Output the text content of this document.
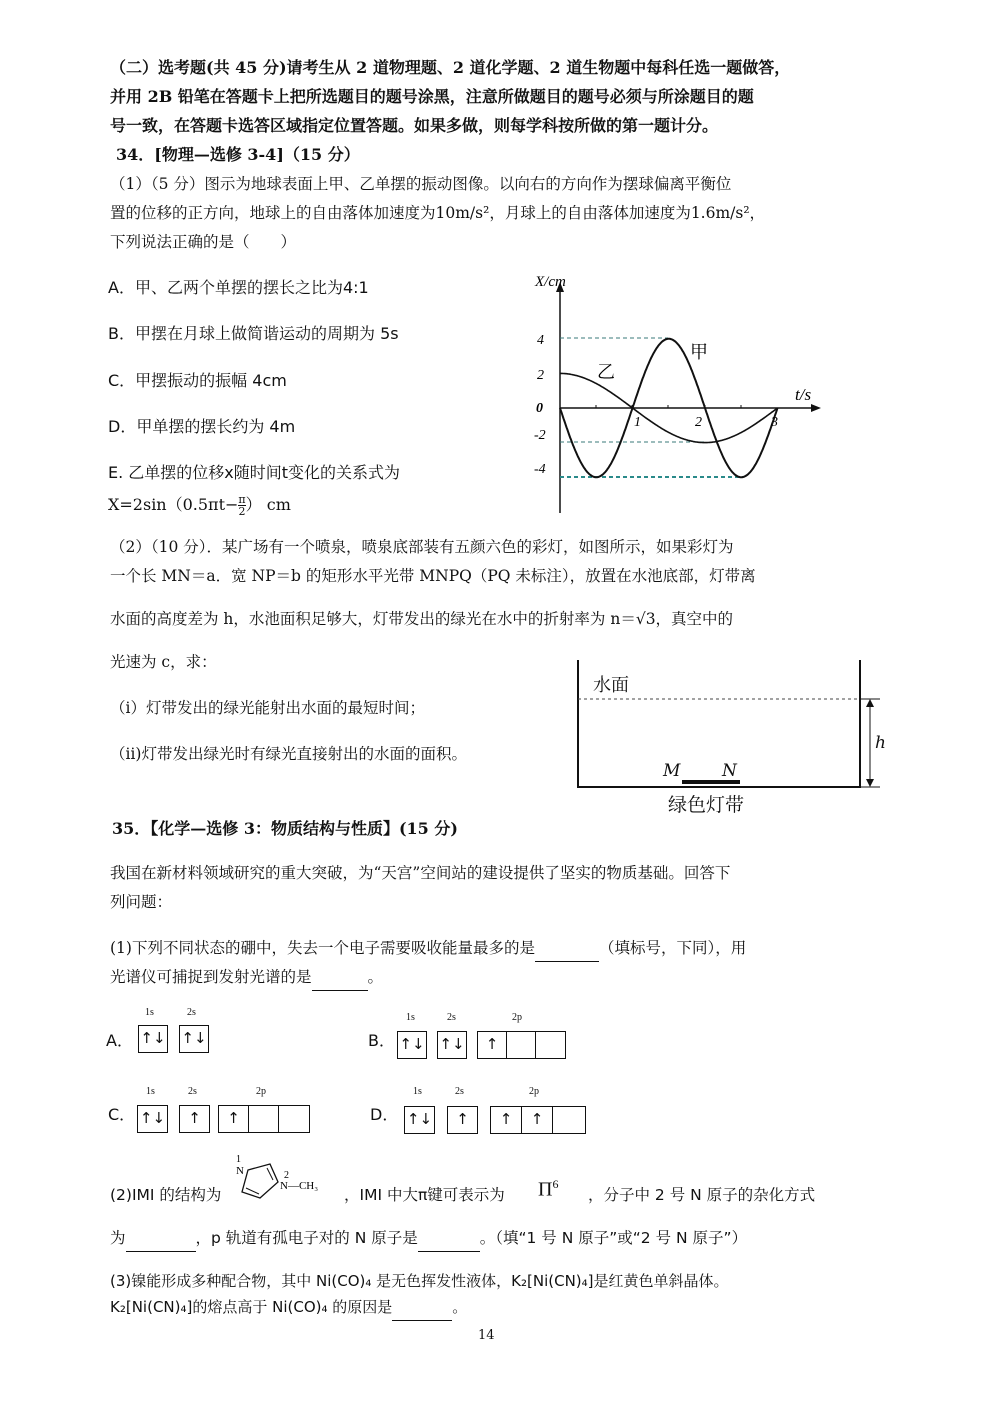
（二）选考题(共 45 分)请考生从 2 道物理题、2 道化学题、2 道生物题中每科任选一题做答，
并用 2B 铅笔在答题卡上把所选题目的题号涂黑，注意所做题目的题号必须与所涂题目的题
号一致，在答题卡选答区域指定位置答题。如果多做，则每学科按所做的第一题计分。
34．[物理—选修 3-4]（15 分）
（1）（5 分）图示为地球表面上甲、乙单摆的振动图像。以向右的方向作为摆球偏离平衡位
置的位移的正方向，地球上的自由落体加速度为10m/s²，月球上的自由落体加速度为1.6m/s²，
下列说法正确的是（　　）
A．甲、乙两个单摆的摆长之比为4:1
B．甲摆在月球上做简谐运动的周期为 5s
C．甲摆振动的振幅 4cm
D．甲单摆的摆长约为 4m
E. 乙单摆的位移x随时间t变化的关系式为
$X=2\sin(0.5\pi t- \frac{\pi}{2}$ ） cm
X/cm
t/s
甲
乙
4
2
0
-2
-4
1	2	3
（2）（10 分）．某广场有一个喷泉，喷泉底部装有五颜六色的彩灯，如图所示，如果彩灯为
一个长 MN＝a．宽 NP＝b 的矩形水平光带 MNPQ（PQ 未标注），放置在水池底部，灯带离
水面的高度差为 h，水池面积足够大，灯带发出的绿光在水中的折射率为 n＝√3，真空中的
光速为 c，求：
（ⅰ）灯带发出的绿光能射出水面的最短时间；
（ⅱ)灯带发出绿光时有绿光直接射出的水面的面积。
水面
h
M N
绿色灯带
35．【化学—选修 3：物质结构与性质】(15 分)
我国在新材料领域研究的重大突破，为“天宫”空间站的建设提供了坚实的物质基础。回答下
列问题：
(1)下列不同状态的硼中，失去一个电子需要吸收能量最多的是	（填标号，下同），用
光谱仪可捕捉到发射光谱的是	。
A．
1s	2s
↑↓ ↑↓	B．
1s	2s	2p
↑↓ ↑↓	↑
C．
1s	2s	2p
↑↓	↑	↑	D．
1s	2s	2p
↑↓	↑	↑	↑
(2)IMI 的结构为
1
N	2
N—CH₃ ，IMI 中大π键可表示为 $\Pi^6$
，分子中 2 号 N 原子的杂化方式
为	，p 轨道有孤电子对的 N 原子是	。（填“1 号 N 原子”或“2 号 N 原子”）
(3)镍能形成多种配合物，其中 Ni(CO)₄ 是无色挥发性液体，K₂[Ni(CN)₄]是红黄色单斜晶体。
K₂[Ni(CN)₄]的熔点高于 Ni(CO)₄ 的原因是	。
14
